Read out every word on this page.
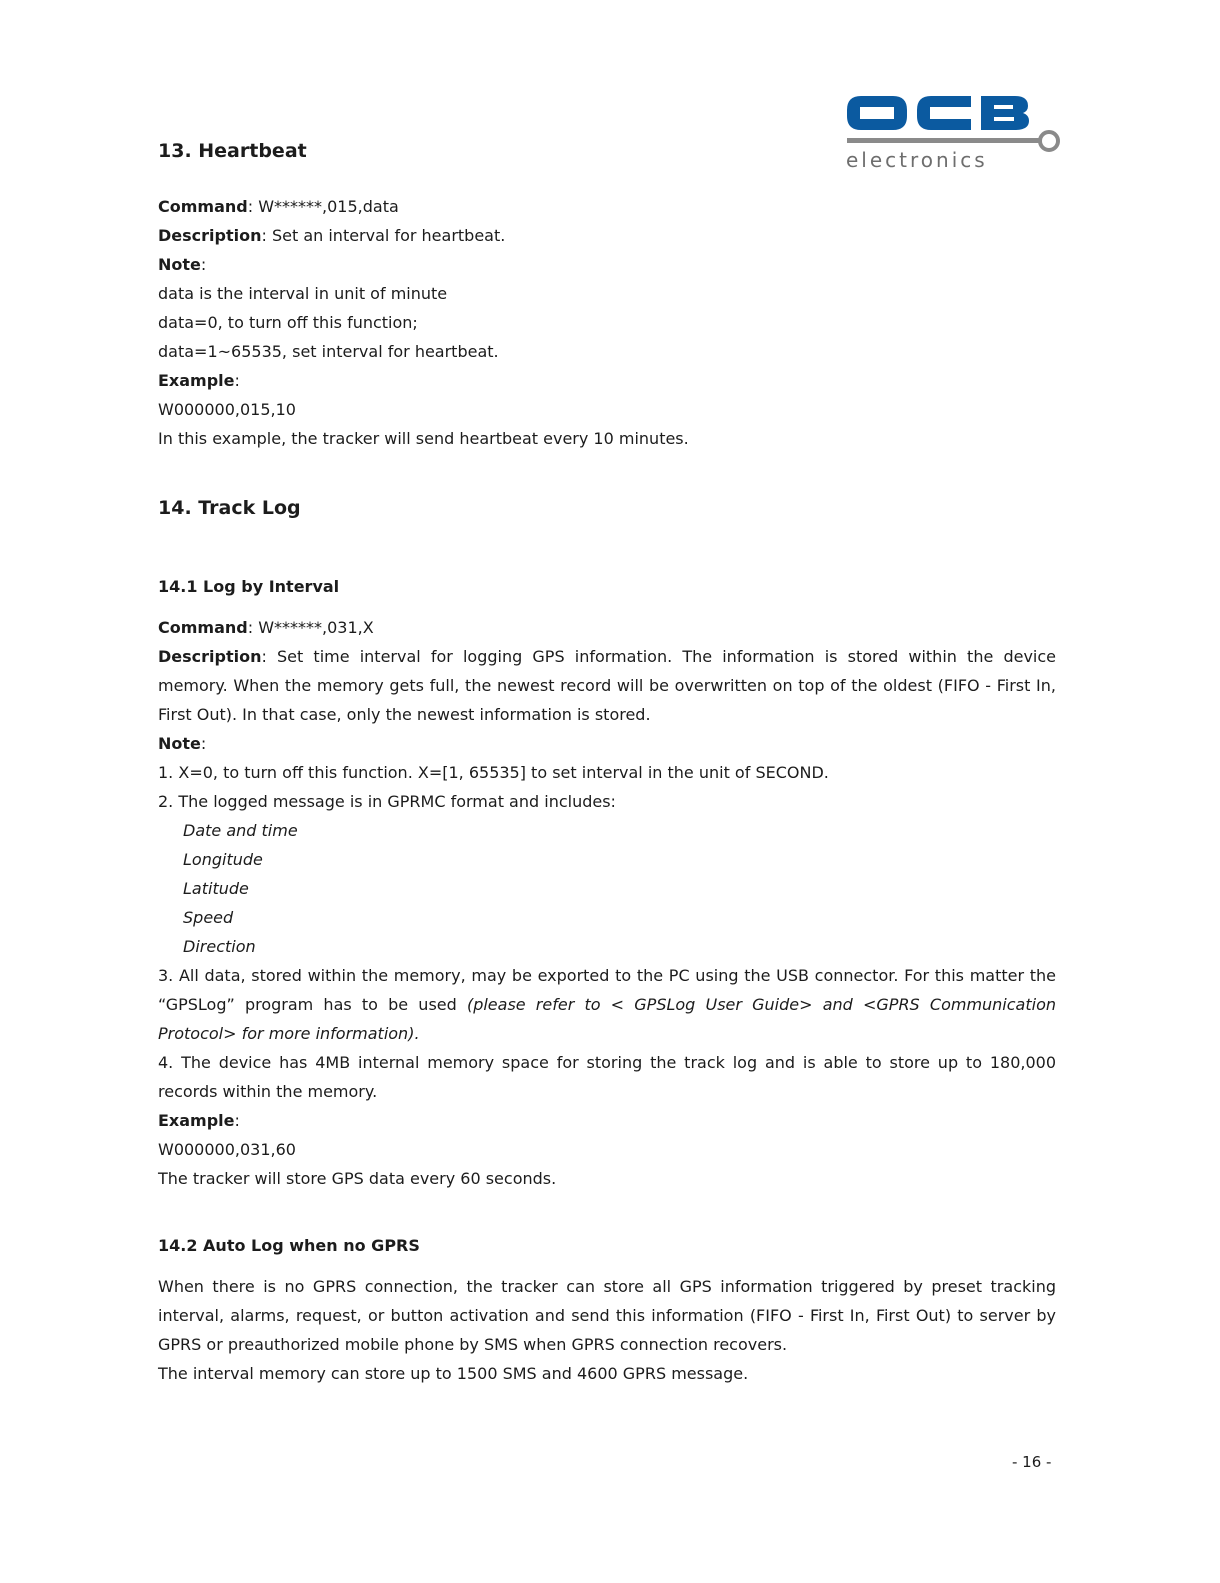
electronics
13. Heartbeat
Command: W******,015,data
Description: Set an interval for heartbeat.
Note:
data is the interval in unit of minute
data=0, to turn off this function;
data=1~65535, set interval for heartbeat.
Example:
W000000,015,10
In this example, the tracker will send heartbeat every 10 minutes.
14. Track Log
14.1 Log by Interval
Command: W******,031,X
Description: Set time interval for logging GPS information. The information is stored within the device memory. When the memory gets full, the newest record will be overwritten on top of the oldest (FIFO - First In, First Out). In that case, only the newest information is stored.
Note:
1. X=0, to turn off this function. X=[1, 65535] to set interval in the unit of SECOND.
2. The logged message is in GPRMC format and includes:
Date and time
Longitude
Latitude
Speed
Direction
3. All data, stored within the memory, may be exported to the PC using the USB connector. For this matter the “GPSLog” program has to be used (please refer to < GPSLog User Guide> and <GPRS Communication Protocol> for more information).
4. The device has 4MB internal memory space for storing the track log and is able to store up to 180,000 records within the memory.
Example:
W000000,031,60
The tracker will store GPS data every 60 seconds.
14.2 Auto Log when no GPRS
When there is no GPRS connection, the tracker can store all GPS information triggered by preset tracking interval, alarms, request, or button activation and send this information (FIFO - First In, First Out) to server by GPRS or preauthorized mobile phone by SMS when GPRS connection recovers.
The interval memory can store up to 1500 SMS and 4600 GPRS message.
- 16 -
